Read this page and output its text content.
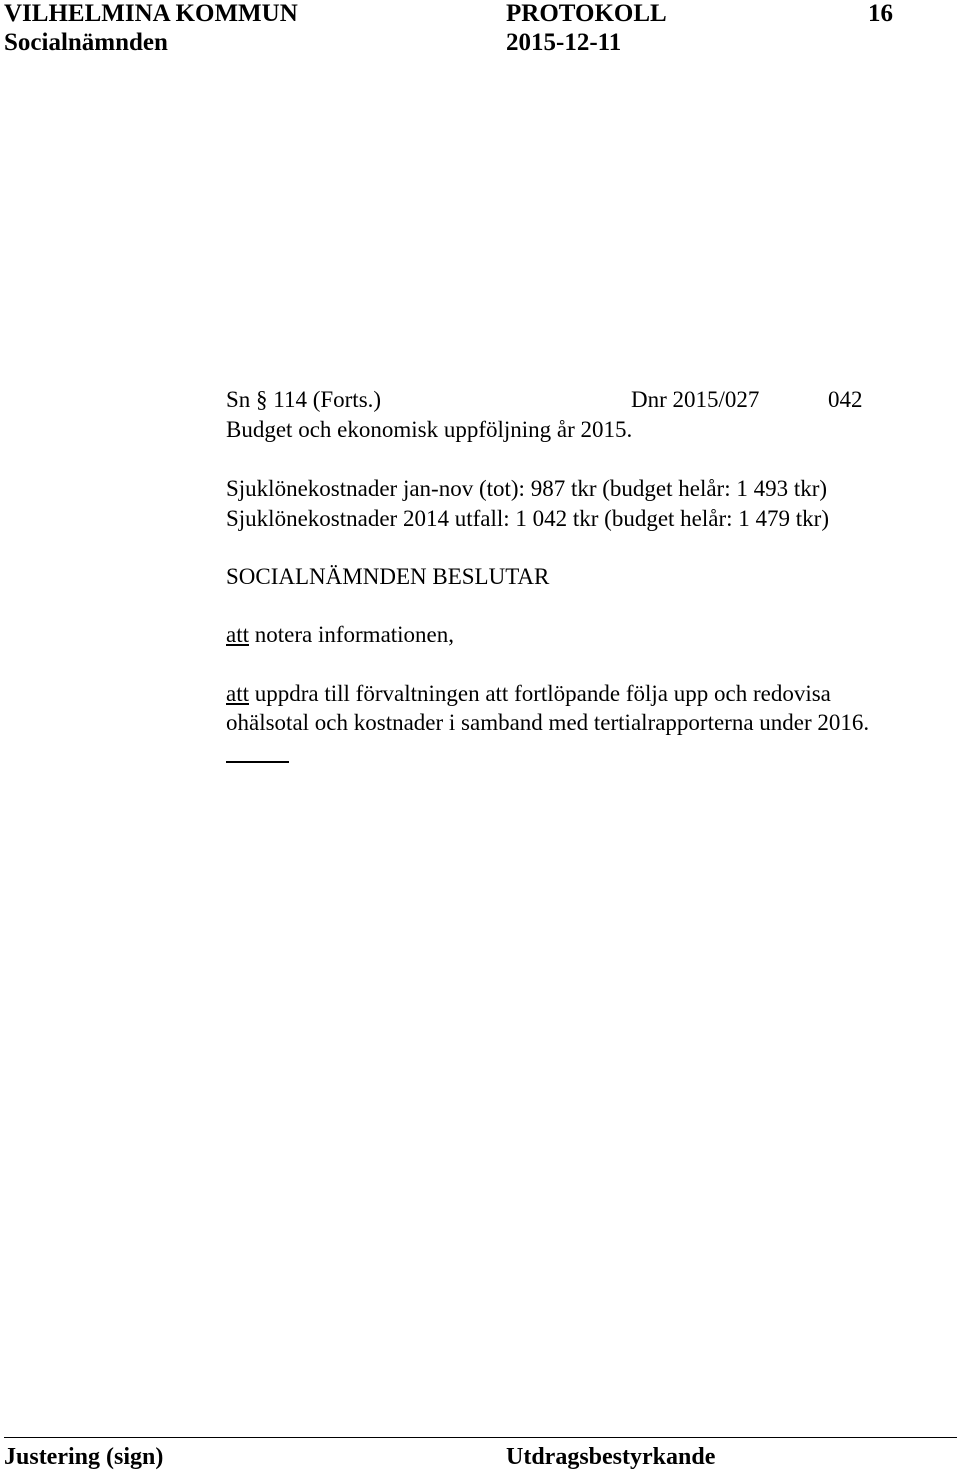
VILHELMINA KOMMUN	PROTOKOLL	16
Socialnämnden	2015-12-11
Sn § 114 (Forts.)	Dnr 2015/027	042
Budget och ekonomisk uppföljning år 2015.
Sjuklönekostnader jan-nov (tot): 987 tkr (budget helår: 1 493 tkr)
Sjuklönekostnader 2014 utfall: 1 042 tkr (budget helår: 1 479 tkr)
SOCIALNÄMNDEN BESLUTAR
att notera informationen,
att uppdra till förvaltningen att fortlöpande följa upp och redovisa
ohälsotal och kostnader i samband med tertialrapporterna under 2016.
Justering (sign)	Utdragsbestyrkande
